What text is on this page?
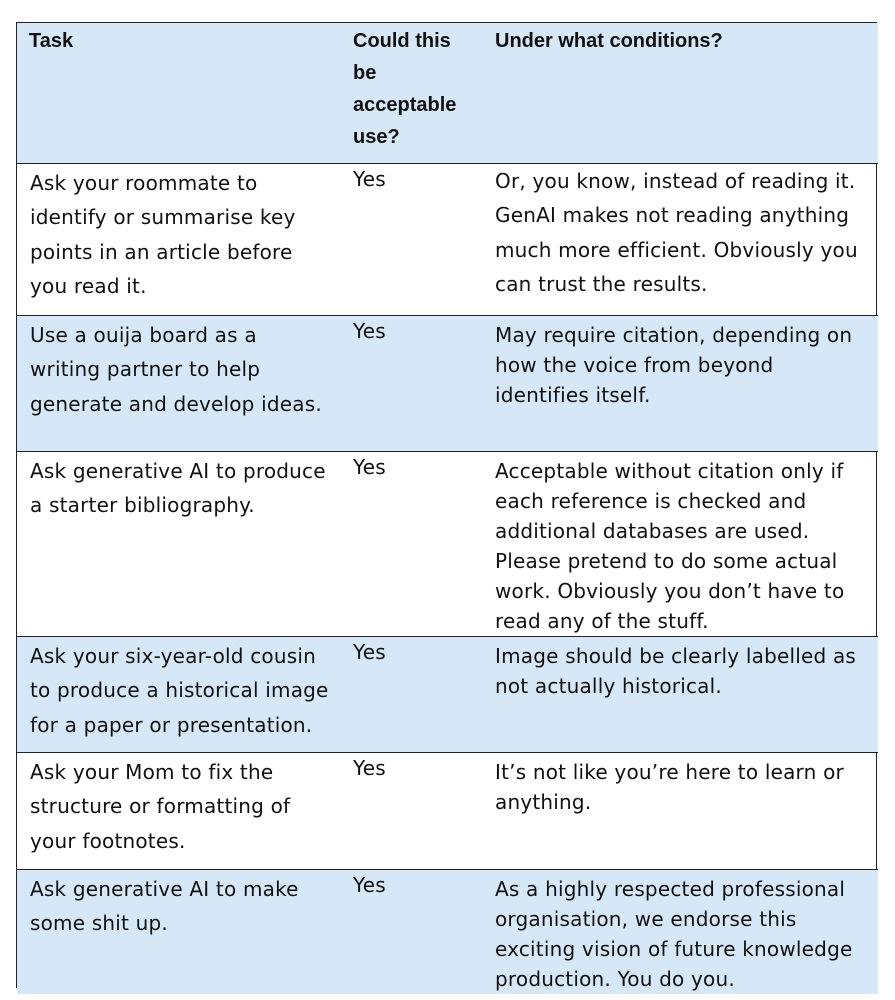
Task	Could this be acceptable use?	Under what conditions?
Ask your roommate to identify or summarise key points in an article before you read it.	Yes	Or, you know, instead of reading it. GenAI makes not reading anything much more efficient. Obviously you can trust the results.
Use a ouija board as a writing partner to help generate and develop ideas.	Yes	May require citation, depending on how the voice from beyond identifies itself.
Ask generative AI to produce a starter bibliography.	Yes	Acceptable without citation only if each reference is checked and additional databases are used. Please pretend to do some actual work. Obviously you don’t have to read any of the stuff.
Ask your six-year-old cousin to produce a historical image for a paper or presentation.	Yes	Image should be clearly labelled as not actually historical.
Ask your Mom to fix the structure or formatting of your footnotes.	Yes	It’s not like you’re here to learn or anything.
Ask generative AI to make some shit up.	Yes	As a highly respected professional organisation, we endorse this exciting vision of future knowledge production. You do you.
